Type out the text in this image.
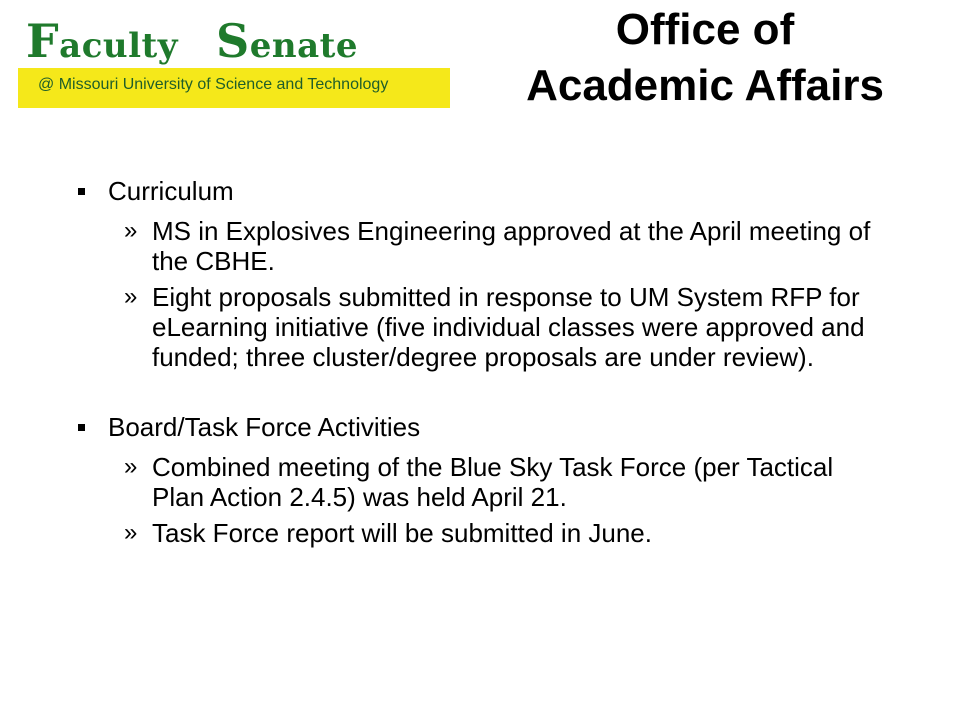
Faculty Senate
@ Missouri University of Science and Technology
Office of
Academic Affairs
Curriculum
» MS in Explosives Engineering approved at the April meeting of the CBHE.
» Eight proposals submitted in response to UM System RFP for eLearning initiative (five individual classes were approved and funded; three cluster/degree proposals are under review).
Board/Task Force Activities
» Combined meeting of the Blue Sky Task Force (per Tactical Plan Action 2.4.5) was held April 21.
» Task Force report will be submitted in June.
